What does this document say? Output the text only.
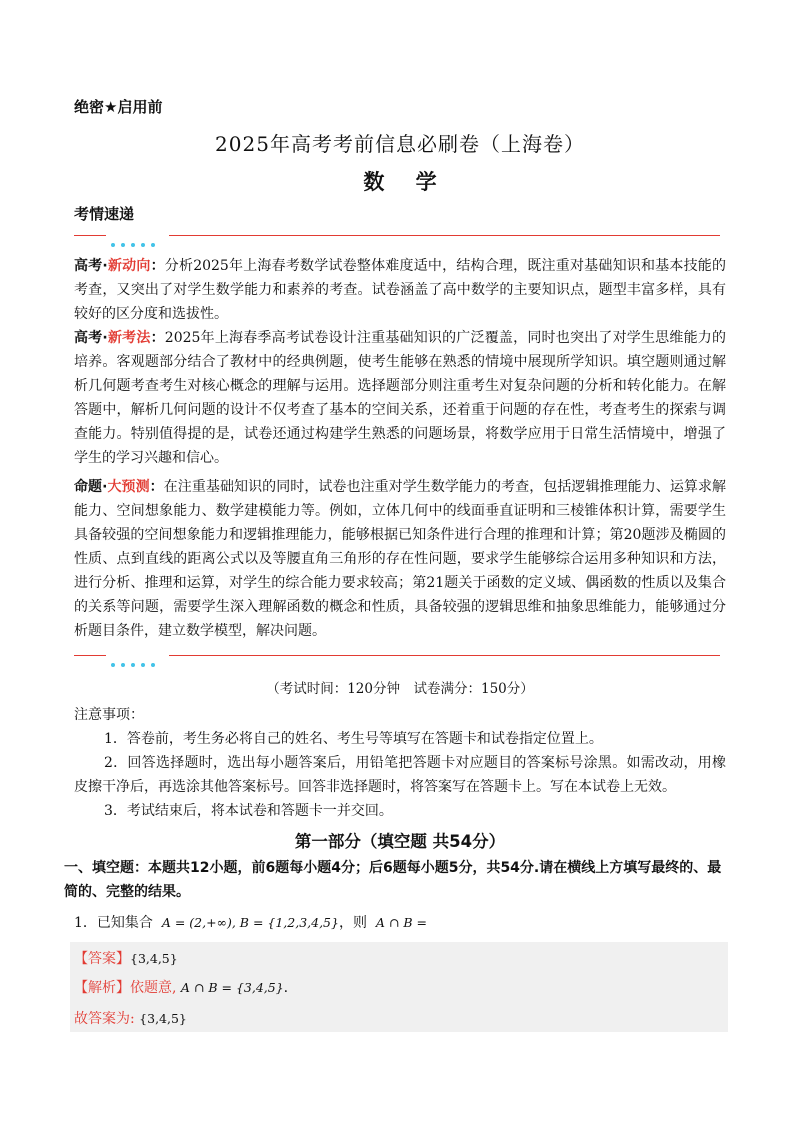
绝密★启用前
2025年高考考前信息必刷卷（上海卷）
数 学
考情速递

高考·新动向：分析2025年上海春考数学试卷整体难度适中，结构合理，既注重对基础知识和基本技能的考查，又突出了对学生数学能力和素养的考查。试卷涵盖了高中数学的主要知识点，题型丰富多样，具有较好的区分度和选拔性。

高考·新考法：2025年上海春季高考试卷设计注重基础知识的广泛覆盖，同时也突出了对学生思维能力的培养。客观题部分结合了教材中的经典例题，使考生能够在熟悉的情境中展现所学知识。填空题则通过解析几何题考查考生对核心概念的理解与运用。选择题部分则注重考生对复杂问题的分析和转化能力。在解答题中，解析几何问题的设计不仅考查了基本的空间关系，还着重于问题的存在性，考查考生的探索与调查能力。特别值得提的是，试卷还通过构建学生熟悉的问题场景，将数学应用于日常生活情境中，增强了学生的学习兴趣和信心。

命题·大预测：在注重基础知识的同时，试卷也注重对学生数学能力的考查，包括逻辑推理能力、运算求解能力、空间想象能力、数学建模能力等。例如，立体几何中的线面垂直证明和三棱锥体积计算，需要学生具备较强的空间想象能力和逻辑推理能力，能够根据已知条件进行合理的推理和计算；第20题涉及椭圆的性质、点到直线的距离公式以及等腰直角三角形的存在性问题，要求学生能够综合运用多种知识和方法，进行分析、推理和运算，对学生的综合能力要求较高；第21题关于函数的定义域、偶函数的性质以及集合的关系等问题，需要学生深入理解函数的概念和性质，具备较强的逻辑思维和抽象思维能力，能够通过分析题目条件，建立数学模型，解决问题。

（考试时间：120分钟　试卷满分：150分）

注意事项：

1．答卷前，考生务必将自己的姓名、考生号等填写在答题卡和试卷指定位置上。

2．回答选择题时，选出每小题答案后，用铅笔把答题卡对应题目的答案标号涂黑。如需改动，用橡皮擦干净后，再选涂其他答案标号。回答非选择题时，将答案写在答题卡上。写在本试卷上无效。

3．考试结束后，将本试卷和答题卡一并交回。

第一部分（填空题 共54分）
一、填空题：本题共12小题，前6题每小题4分；后6题每小题5分，共54分.请在横线上方填写最终的、最简的、完整的结果。
1．已知集合 A = (2,+∞), B = {1,2,3,4,5}，则 A ∩ B =
【答案】{3,4,5}
【解析】依题意, A ∩ B = {3,4,5}.
故答案为: {3,4,5}
